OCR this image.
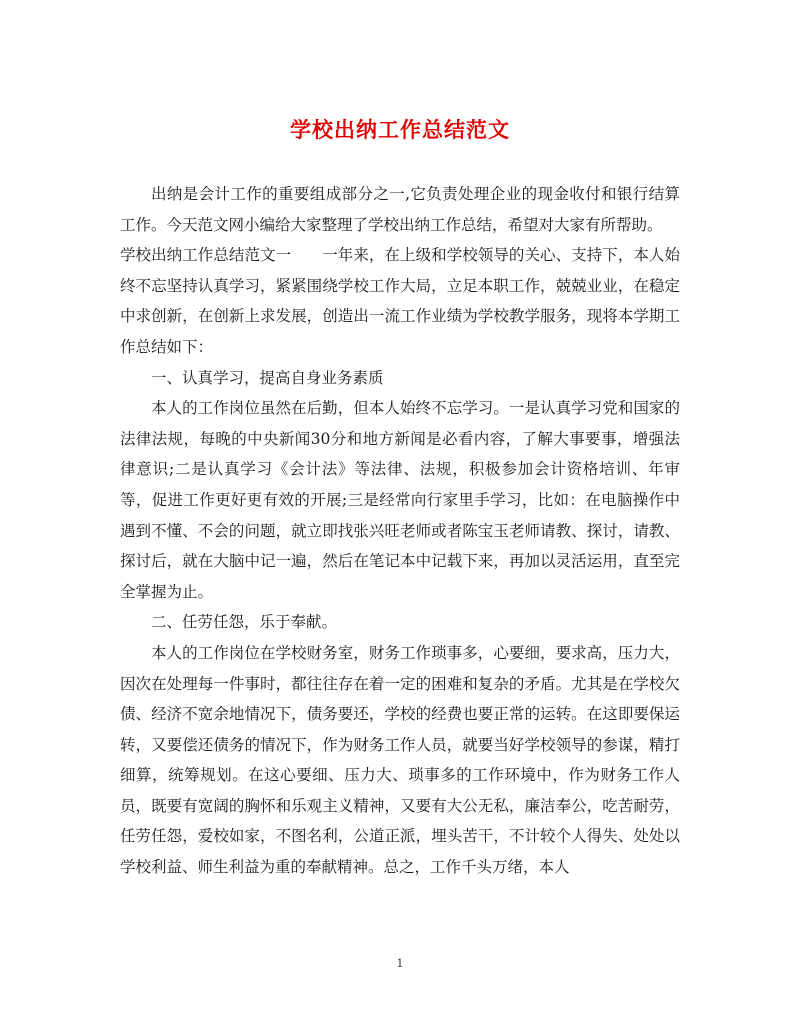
学校出纳工作总结范文

出纳是会计工作的重要组成部分之一,它负责处理企业的现金收付和银行结算工作。今天范文网小编给大家整理了学校出纳工作总结，希望对大家有所帮助。

学校出纳工作总结范文一　　一年来，在上级和学校领导的关心、支持下，本人始终不忘坚持认真学习，紧紧围绕学校工作大局，立足本职工作，兢兢业业，在稳定中求创新，在创新上求发展，创造出一流工作业绩为学校教学服务，现将本学期工作总结如下：

一、认真学习，提高自身业务素质

本人的工作岗位虽然在后勤，但本人始终不忘学习。一是认真学习党和国家的法律法规，每晚的中央新闻30分和地方新闻是必看内容，了解大事要事，增强法律意识;二是认真学习《会计法》等法律、法规，积极参加会计资格培训、年审等，促进工作更好更有效的开展;三是经常向行家里手学习，比如：在电脑操作中遇到不懂、不会的问题，就立即找张兴旺老师或者陈宝玉老师请教、探讨，请教、探讨后，就在大脑中记一遍，然后在笔记本中记载下来，再加以灵活运用，直至完全掌握为止。

二、任劳任怨，乐于奉献。

本人的工作岗位在学校财务室，财务工作琐事多，心要细，要求高，压力大，因次在处理每一件事时，都往往存在着一定的困难和复杂的矛盾。尤其是在学校欠债、经济不宽余地情况下，债务要还，学校的经费也要正常的运转。在这即要保运转，又要偿还债务的情况下，作为财务工作人员，就要当好学校领导的参谋，精打细算，统筹规划。在这心要细、压力大、琐事多的工作环境中，作为财务工作人员，既要有宽阔的胸怀和乐观主义精神，又要有大公无私，廉洁奉公，吃苦耐劳，任劳任怨，爱校如家，不图名利，公道正派，埋头苦干，不计较个人得失、处处以学校利益、师生利益为重的奉献精神。总之，工作千头万绪，本人

1
